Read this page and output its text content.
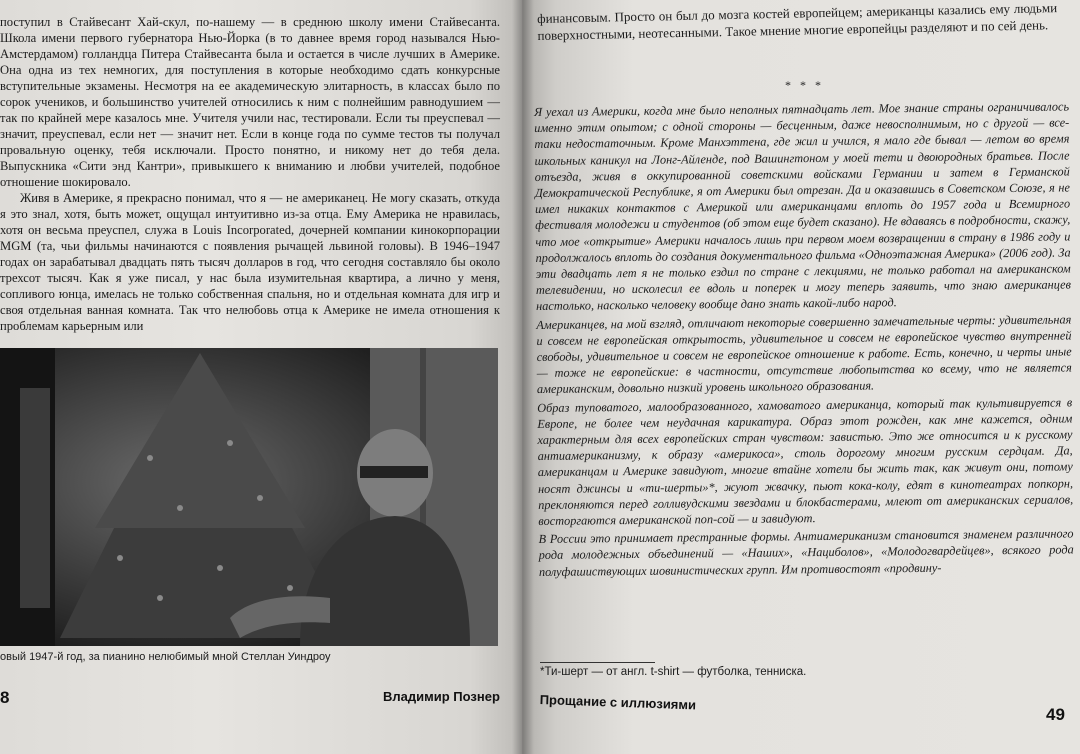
поступил в Стайвесант Хай-скул, по-нашему — в среднюю школу имени Стайвесанта. Школа имени первого губернатора Нью-Йорка (в то давнее время город назывался Нью-Амстердамом) голландца Питера Стайвесанта была и остается в числе лучших в Америке. Она одна из тех немногих, для поступления в которые необходимо сдать конкурсные вступительные экзамены. Несмотря на ее академическую элитарность, в классах было по сорок учеников, и большинство учителей относились к ним с полнейшим равнодушием — так по крайней мере казалось мне. Учителя учили нас, тестировали. Если ты преуспевал — значит, преуспевал, если нет — значит нет. Если в конце года по сумме тестов ты получал провальную оценку, тебя исключали. Просто понятно, и никому нет до тебя дела. Выпускника «Сити энд Кантри», привыкшего к вниманию и любви учителей, подобное отношение шокировало.

Живя в Америке, я прекрасно понимал, что я — не американец. Не могу сказать, откуда я это знал, хотя, быть может, ощущал интуитивно из-за отца. Ему Америка не нравилась, хотя он весьма преуспел, служа в Louis Incorporated, дочерней компании кинокорпорации MGM (та, чьи фильмы начинаются с появления рычащей львиной головы). В 1946–1947 годах он зарабатывал двадцать пять тысяч долларов в год, что сегодня составляло бы около трехсот тысяч. Как я уже писал, у нас была изумительная квартира, а лично у меня, сопливого юнца, имелась не только собственная спальня, но и отдельная комната для игр и своя отдельная ванная комната. Так что нелюбовь отца к Америке не имела отношения к проблемам карьерным или

овый 1947-й год, за пианино нелюбимый мной Стеллан Уиндроу
8	Владимир Познер
финансовым. Просто он был до мозга костей европейцем; американцы казались ему людьми поверхностными, неотесанными. Такое мнение многие европейцы разделяют и по сей день.
* * *

Я уехал из Америки, когда мне было неполных пятнадцать лет. Мое знание страны ограничивалось именно этим опытом; с одной стороны — бесценным, даже невосполнимым, но с другой — все-таки недостаточным. Кроме Манхэттена, где жил и учился, я мало где бывал — летом во время школьных каникул на Лонг-Айленде, под Вашингтоном у моей тети и двоюродных братьев. После отъезда, живя в оккупированной советскими войсками Германии и затем в Германской Демократической Республике, я от Америки был отрезан. Да и оказавшись в Советском Союзе, я не имел никаких контактов с Америкой или американцами вплоть до 1957 года и Всемирного фестиваля молодежи и студентов (об этом еще будет сказано). Не вдаваясь в подробности, скажу, что мое «открытие» Америки началось лишь при первом моем возвращении в страну в 1986 году и продолжалось вплоть до создания документального фильма «Одноэтажная Америка» (2006 год). За эти двадцать лет я не только ездил по стране с лекциями, не только работал на американском телевидении, но исколесил ее вдоль и поперек и могу теперь заявить, что знаю американцев настолько, насколько человеку вообще дано знать какой-либо народ.

Американцев, на мой взгляд, отличают некоторые совершенно замечательные черты: удивительная и совсем не европейская открытость, удивительное и совсем не европейское чувство внутренней свободы, удивительное и совсем не европейское отношение к работе. Есть, конечно, и черты иные — тоже не европейские: в частности, отсутствие любопытства ко всему, что не является американским, довольно низкий уровень школьного образования.

Образ туповатого, малообразованного, хамоватого американца, который так культивируется в Европе, не более чем неудачная карикатура. Образ этот рожден, как мне кажется, одним характерным для всех европейских стран чувством: завистью. Это же относится и к русскому антиамериканизму, к образу «америкоса», столь дорогому многим русским сердцам. Да, американцам и Америке завидуют, многие втайне хотели бы жить так, как живут они, потому носят джинсы и «ти-шерты»*, жуют жвачку, пьют кока-колу, едят в кинотеатрах попкорн, преклоняются перед голливудскими звездами и блокбастерами, млеют от американских сериалов, восторгаются американской поп-сой — и завидуют.

В России это принимает престранные формы. Антиамериканизм становится знаменем различного рода молодежных объединений — «Наших», «Нациболов», «Молодогвардейцев», всякого рода полуфашиствующих шовинистических групп. Им противостоят «продвину-

*Ти-шерт — от англ. t-shirt — футболка, тенниска.
Прощание с иллюзиями
49
